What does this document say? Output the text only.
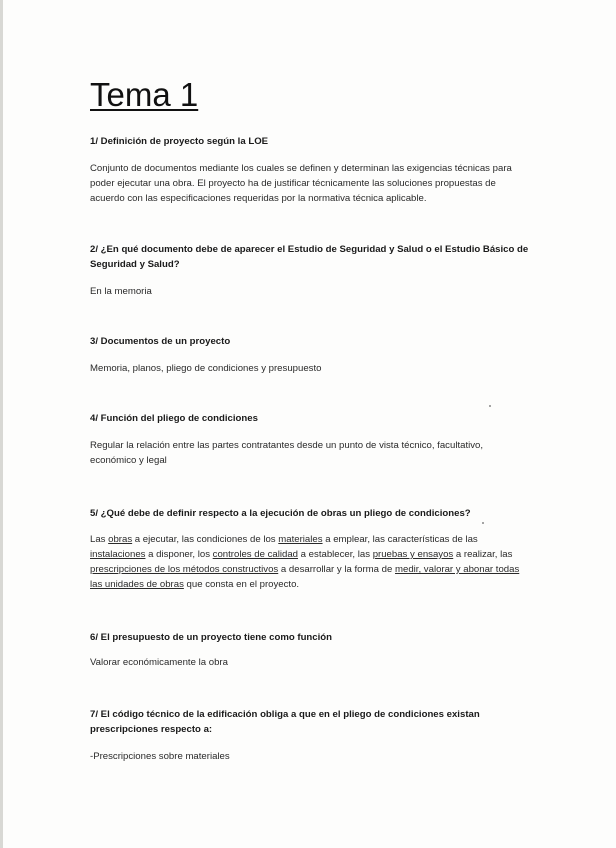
Tema 1
1/ Definición de proyecto según la LOE
Conjunto de documentos mediante los cuales se definen y determinan las exigencias técnicas para poder ejecutar una obra. El proyecto ha de justificar técnicamente las soluciones propuestas de acuerdo con las especificaciones requeridas por la normativa técnica aplicable.
2/ ¿En qué documento debe de aparecer el Estudio de Seguridad y Salud o el Estudio Básico de Seguridad y Salud?
En la memoria
3/ Documentos de un proyecto
Memoria, planos, pliego de condiciones y presupuesto
4/ Función del pliego de condiciones
Regular la relación entre las partes contratantes desde un punto de vista técnico, facultativo, económico y legal
5/ ¿Qué debe de definir respecto a la ejecución de obras un pliego de condiciones?
Las obras a ejecutar, las condiciones de los materiales a emplear, las características de las instalaciones a disponer, los controles de calidad a establecer, las pruebas y ensayos a realizar, las prescripciones de los métodos constructivos a desarrollar y la forma de medir, valorar y abonar todas las unidades de obras que consta en el proyecto.
6/ El presupuesto de un proyecto tiene como función
Valorar económicamente la obra
7/ El código técnico de la edificación obliga a que en el pliego de condiciones existan prescripciones respecto a:
-Prescripciones sobre materiales
